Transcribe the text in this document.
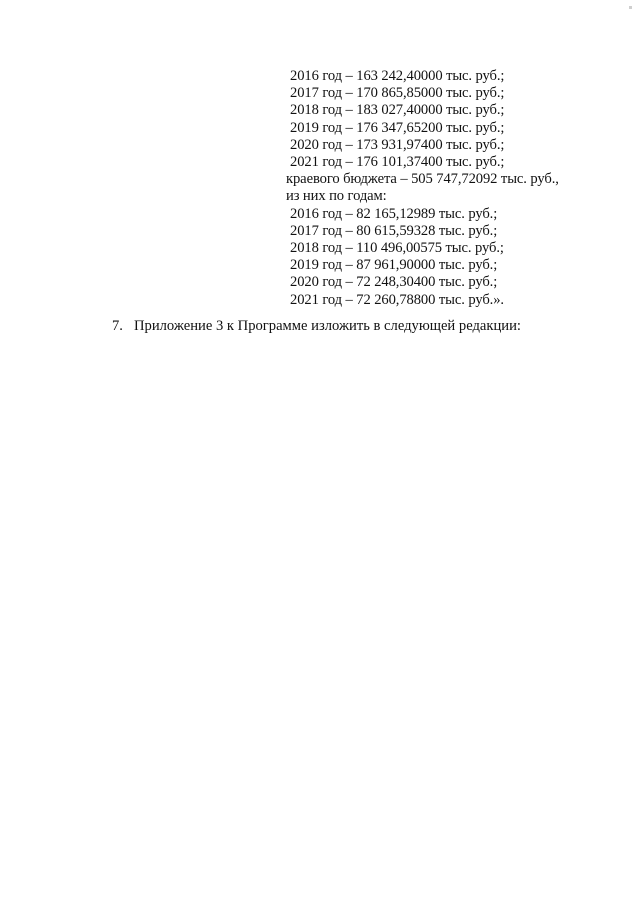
2016 год – 163 242,40000 тыс. руб.;

2017 год – 170 865,85000 тыс. руб.;

2018 год – 183 027,40000 тыс. руб.;

2019 год – 176 347,65200 тыс. руб.;

2020 год – 173 931,97400 тыс. руб.;

2021 год – 176 101,37400 тыс. руб.;

краевого бюджета – 505 747,72092 тыс. руб.,

из них по годам:

2016 год – 82 165,12989 тыс. руб.;

2017 год – 80 615,59328 тыс. руб.;

2018 год – 110 496,00575 тыс. руб.;

2019 год – 87 961,90000 тыс. руб.;

2020 год – 72 248,30400 тыс. руб.;

2021 год – 72 260,78800 тыс. руб.».

7. Приложение 3 к Программе изложить в следующей редакции:
